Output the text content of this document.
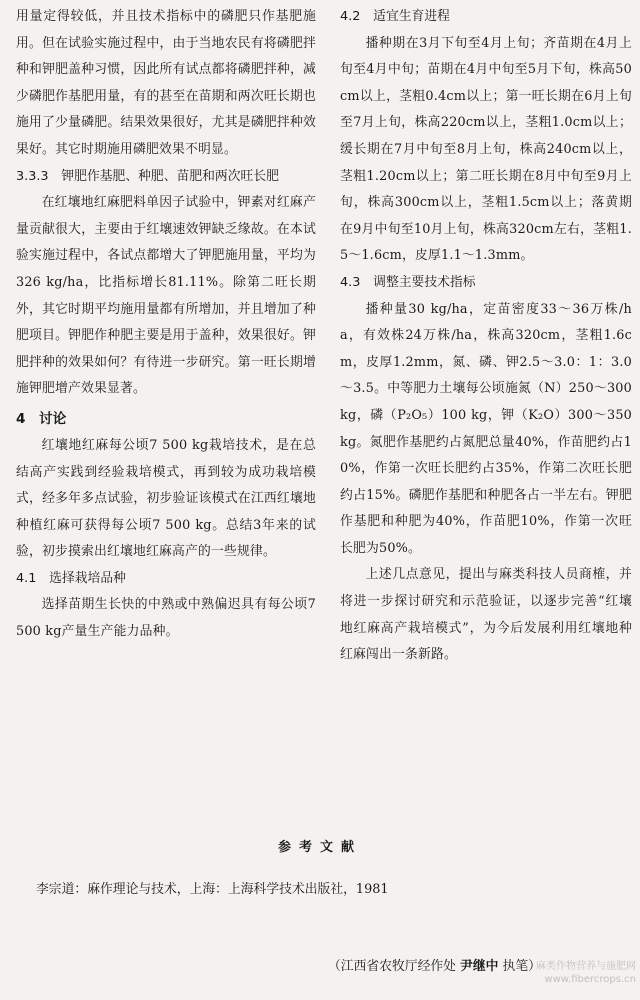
用量定得较低，并且技术指标中的磷肥只作基肥施用。但在试验实施过程中，由于当地农民有将磷肥拌种和钾肥盖种习惯，因此所有试点都将磷肥拌种，减少磷肥作基肥用量，有的甚至在苗期和两次旺长期也施用了少量磷肥。结果效果很好，尤其是磷肥拌种效果好。其它时期施用磷肥效果不明显。

3.3.3　钾肥作基肥、种肥、苗肥和两次旺长肥

在红壤地红麻肥料单因子试验中，钾素对红麻产量贡献很大，主要由于红壤速效钾缺乏缘故。在本试验实施过程中，各试点都增大了钾肥施用量，平均为326 kg/ha，比指标增长81.11%。除第二旺长期外，其它时期平均施用量都有所增加，并且增加了种肥项目。钾肥作种肥主要是用于盖种，效果很好。钾肥拌种的效果如何？有待进一步研究。第一旺长期增施钾肥增产效果显著。

4　讨论

红壤地红麻每公顷7 500 kg栽培技术，是在总结高产实践到经验栽培模式，再到较为成功栽培模式，经多年多点试验，初步验证该模式在江西红壤地种植红麻可获得每公顷7 500 kg。总结3年来的试验，初步摸索出红壤地红麻高产的一些规律。

4.1　选择栽培品种

选择苗期生长快的中熟或中熟偏迟具有每公顷7 500 kg产量生产能力品种。

4.2　适宜生育进程

播种期在3月下旬至4月上旬；齐苗期在4月上旬至4月中旬；苗期在4月中旬至5月下旬，株高50cm以上，茎粗0.4cm以上；第一旺长期在6月上旬至7月上旬，株高220cm以上，茎粗1.0cm以上；缓长期在7月中旬至8月上旬，株高240cm以上，茎粗1.20cm以上；第二旺长期在8月中旬至9月上旬，株高300cm以上，茎粗1.5cm以上；落黄期在9月中旬至10月上旬，株高320cm左右，茎粗1.5～1.6cm，皮厚1.1～1.3mm。

4.3　调整主要技术指标

播种量30 kg/ha，定苗密度33～36万株/ha，有效株24万株/ha，株高320cm，茎粗1.6cm，皮厚1.2mm，氮、磷、钾2.5～3.0：1：3.0～3.5。中等肥力土壤每公顷施氮（N）250～300 kg，磷（P₂O₅）100 kg，钾（K₂O）300～350 kg。氮肥作基肥约占氮肥总量40%，作苗肥约占10%，作第一次旺长肥约占35%，作第二次旺长肥约占15%。磷肥作基肥和种肥各占一半左右。钾肥作基肥和种肥为40%，作苗肥10%，作第一次旺长肥为50%。

上述几点意见，提出与麻类科技人员商榷，并将进一步探讨研究和示范验证，以逐步完善“红壤地红麻高产栽培模式”，为今后发展利用红壤地种红麻闯出一条新路。

参考文献
李宗道：麻作理论与技术，上海：上海科学技术出版社，1981
（江西省农牧厅经作处 尹继中 执笔）
麻类作物营养与施肥网
www.fibercrops.cn
